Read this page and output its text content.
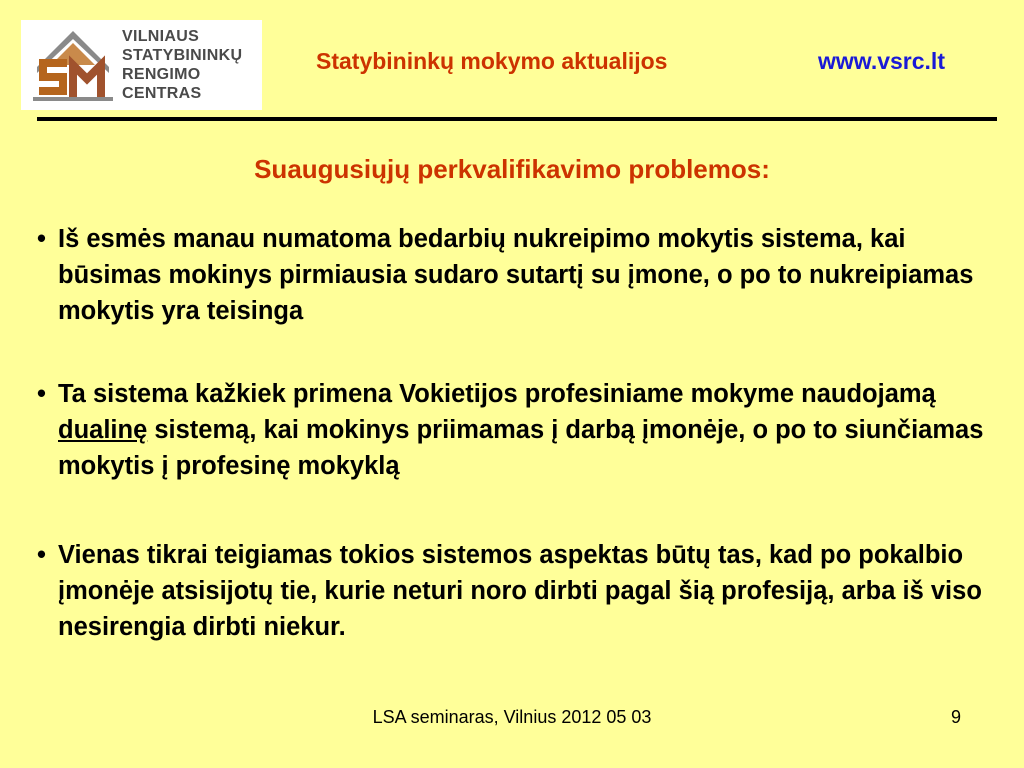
VILNIAUS
STATYBININKŲ
RENGIMO
CENTRAS
Statybininkų mokymo aktualijos	www.vsrc.lt
Suaugusiųjų perkvalifikavimo problemos:
• Iš esmės manau numatoma bedarbių nukreipimo mokytis sistema, kai būsimas mokinys pirmiausia sudaro sutartį su įmone, o po to nukreipiamas mokytis yra teisinga
• Ta sistema kažkiek primena Vokietijos profesiniame mokyme naudojamą dualinę sistemą, kai mokinys priimamas į darbą įmonėje, o po to siunčiamas mokytis į profesinę mokyklą
• Vienas tikrai teigiamas tokios sistemos aspektas būtų tas, kad po pokalbio įmonėje atsisijotų tie, kurie neturi noro dirbti pagal šią profesiją, arba iš viso nesirengia dirbti niekur.
LSA seminaras, Vilnius 2012 05 03	9
